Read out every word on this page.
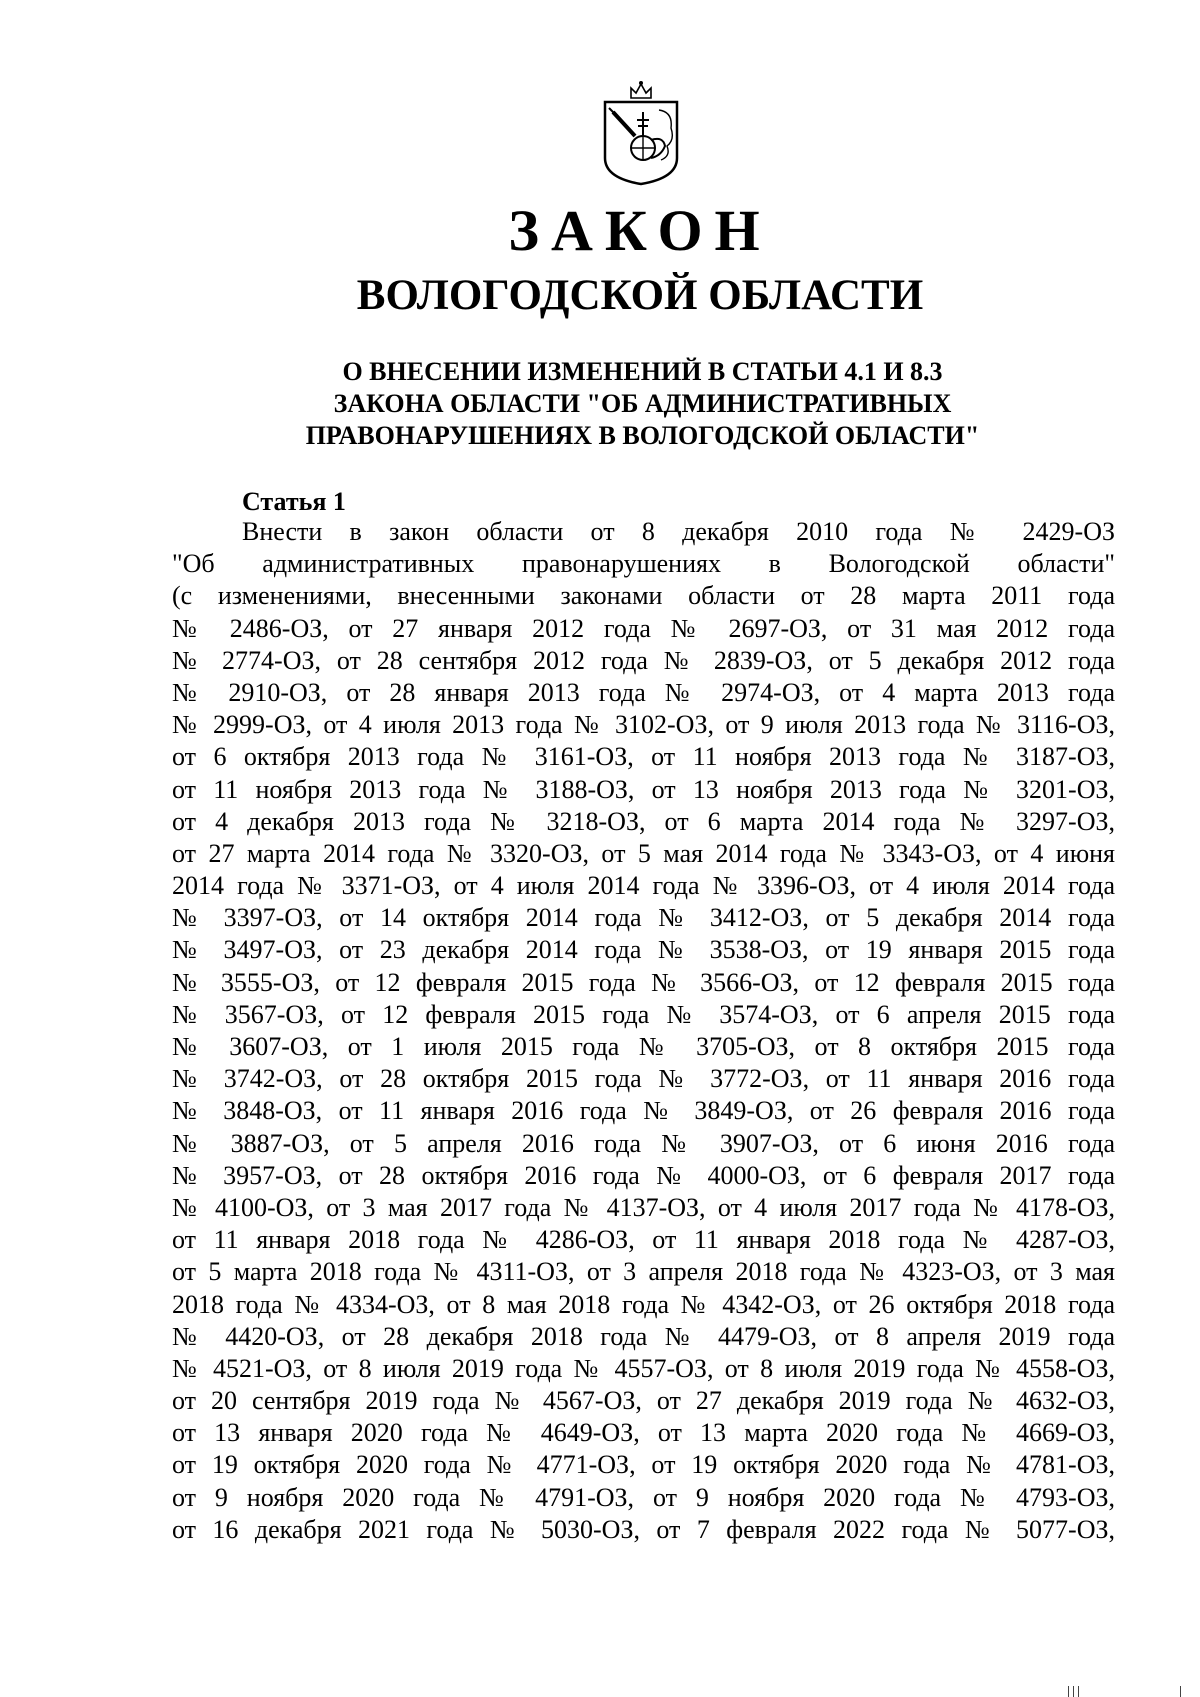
ЗАКОН
ВОЛОГОДСКОЙ ОБЛАСТИ
О ВНЕСЕНИИ ИЗМЕНЕНИЙ В СТАТЬИ 4.1 И 8.3
ЗАКОНА ОБЛАСТИ "ОБ АДМИНИСТРАТИВНЫХ
ПРАВОНАРУШЕНИЯХ В ВОЛОГОДСКОЙ ОБЛАСТИ"
Статья 1
Внести в закон области от 8 декабря 2010 года № 2429-ОЗ
"Об административных правонарушениях в Вологодской области"
(с изменениями, внесенными законами области от 28 марта 2011 года
№ 2486-ОЗ, от 27 января 2012 года № 2697-ОЗ, от 31 мая 2012 года
№ 2774-ОЗ, от 28 сентября 2012 года № 2839-ОЗ, от 5 декабря 2012 года
№ 2910-ОЗ, от 28 января 2013 года № 2974-ОЗ, от 4 марта 2013 года
№ 2999-ОЗ, от 4 июля 2013 года № 3102-ОЗ, от 9 июля 2013 года № 3116-ОЗ,
от 6 октября 2013 года № 3161-ОЗ, от 11 ноября 2013 года № 3187-ОЗ,
от 11 ноября 2013 года № 3188-ОЗ, от 13 ноября 2013 года № 3201-ОЗ,
от 4 декабря 2013 года № 3218-ОЗ, от 6 марта 2014 года № 3297-ОЗ,
от 27 марта 2014 года № 3320-ОЗ, от 5 мая 2014 года № 3343-ОЗ, от 4 июня
2014 года № 3371-ОЗ, от 4 июля 2014 года № 3396-ОЗ, от 4 июля 2014 года
№ 3397-ОЗ, от 14 октября 2014 года № 3412-ОЗ, от 5 декабря 2014 года
№ 3497-ОЗ, от 23 декабря 2014 года № 3538-ОЗ, от 19 января 2015 года
№ 3555-ОЗ, от 12 февраля 2015 года № 3566-ОЗ, от 12 февраля 2015 года
№ 3567-ОЗ, от 12 февраля 2015 года № 3574-ОЗ, от 6 апреля 2015 года
№ 3607-ОЗ, от 1 июля 2015 года № 3705-ОЗ, от 8 октября 2015 года
№ 3742-ОЗ, от 28 октября 2015 года № 3772-ОЗ, от 11 января 2016 года
№ 3848-ОЗ, от 11 января 2016 года № 3849-ОЗ, от 26 февраля 2016 года
№ 3887-ОЗ, от 5 апреля 2016 года № 3907-ОЗ, от 6 июня 2016 года
№ 3957-ОЗ, от 28 октября 2016 года № 4000-ОЗ, от 6 февраля 2017 года
№ 4100-ОЗ, от 3 мая 2017 года № 4137-ОЗ, от 4 июля 2017 года № 4178-ОЗ,
от 11 января 2018 года № 4286-ОЗ, от 11 января 2018 года № 4287-ОЗ,
от 5 марта 2018 года № 4311-ОЗ, от 3 апреля 2018 года № 4323-ОЗ, от 3 мая
2018 года № 4334-ОЗ, от 8 мая 2018 года № 4342-ОЗ, от 26 октября 2018 года
№ 4420-ОЗ, от 28 декабря 2018 года № 4479-ОЗ, от 8 апреля 2019 года
№ 4521-ОЗ, от 8 июля 2019 года № 4557-ОЗ, от 8 июля 2019 года № 4558-ОЗ,
от 20 сентября 2019 года № 4567-ОЗ, от 27 декабря 2019 года № 4632-ОЗ,
от 13 января 2020 года № 4649-ОЗ, от 13 марта 2020 года № 4669-ОЗ,
от 19 октября 2020 года № 4771-ОЗ, от 19 октября 2020 года № 4781-ОЗ,
от 9 ноября 2020 года № 4791-ОЗ, от 9 ноября 2020 года № 4793-ОЗ,
от 16 декабря 2021 года № 5030-ОЗ, от 7 февраля 2022 года № 5077-ОЗ,
